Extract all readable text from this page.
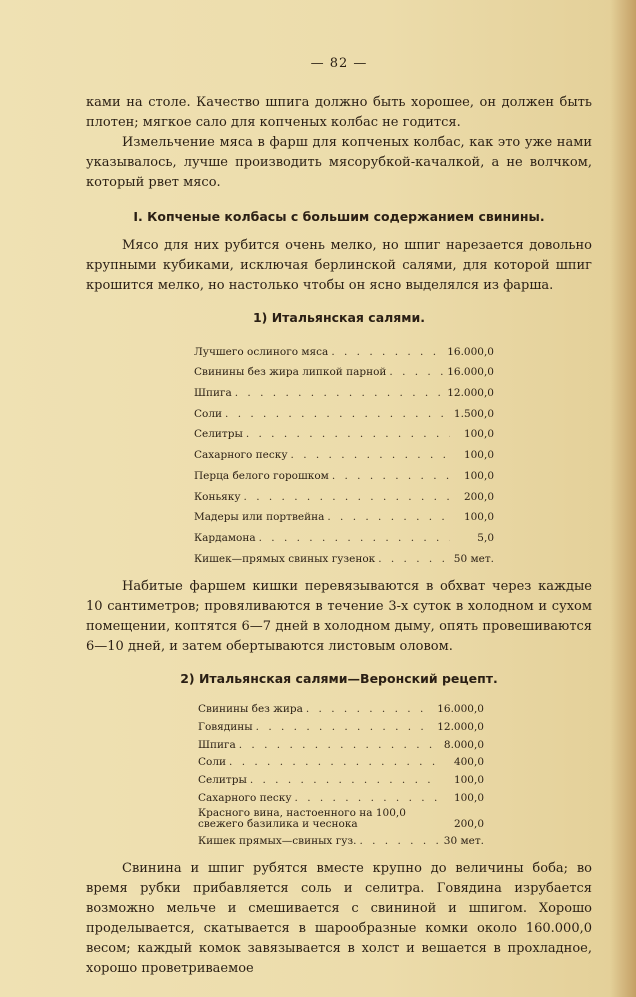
— 82 —

ками на столе. Качество шпига должно быть хорошее, он должен быть плотен; мягкое сало для копченых колбас не годится.

Измельчение мяса в фарш для копченых колбас, как это уже нами указывалось, лучше производить мясорубкой-качалкой, а не волчком, который рвет мясо.

I. Копченые колбасы с большим содержанием свинины.

Мясо для них рубится очень мелко, но шпиг нарезается довольно крупными кубиками, исключая берлинской салями, для которой шпиг крошится мелко, но настолько чтобы он ясно выделялся из фарша.

1) Итальянская салями.
Лучшего ослиного мяса . . .	16.000,0
Свинины без жира липкой парной . . .	16.000,0
Шпига . . .	12.000,0
Соли . . .	1.500,0
Селитры . . .	100,0
Сахарного песку . . .	100,0
Перца белого горошком . . .	100,0
Коньяку . . .	200,0
Мадеры или портвейна . . .	100,0
Кардамона . . .	5,0
Кишек—прямых свиных гузенок . . .	50 мет.

Набитые фаршем кишки перевязываются в обхват через каждые 10 сантиметров; провяливаются в течение 3-х суток в холодном и сухом помещении, коптятся 6—7 дней в холодном дыму, опять провешиваются 6—10 дней, и затем обертываются листовым оловом.

2) Итальянская салями—Веронский рецепт.
Свинины без жира . . .	16.000,0
Говядины . . .	12.000,0
Шпига . . .	8.000,0
Соли . . .	400,0
Селитры . . .	100,0
Сахарного песку . . .	100,0
Красного вина, настоенного на 100,0 свежего базилика и чеснока	200,0
Кишек прямых—свиных гуз. . . .	30 мет.

Свинина и шпиг рубятся вместе крупно до величины боба; во время рубки прибавляется соль и селитра. Говядина изрубается возможно мельче и смешивается с свининой и шпигом. Хорошо проделывается, скатывается в шарообразные комки около 160.000,0 весом; каждый комок завязывается в холст и вешается в прохладное, хорошо проветриваемое
